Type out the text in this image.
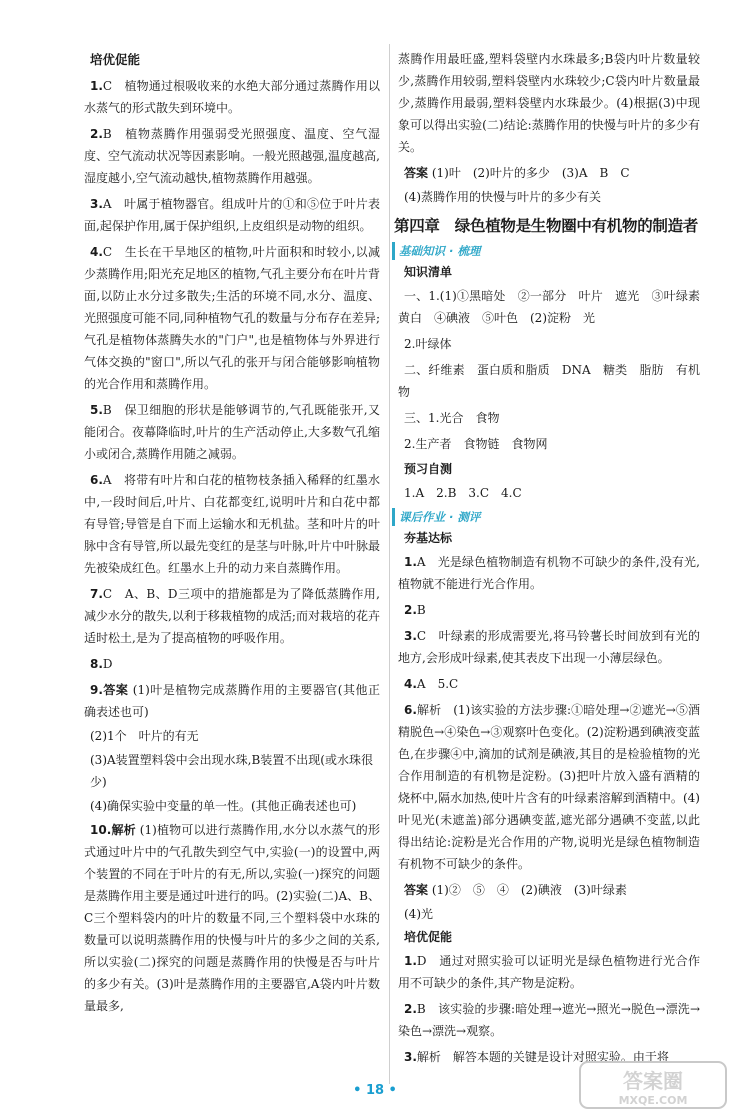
培优促能

1.C　植物通过根吸收来的水绝大部分通过蒸腾作用以水蒸气的形式散失到环境中。

2.B　植物蒸腾作用强弱受光照强度、温度、空气湿度、空气流动状况等因素影响。一般光照越强,温度越高,湿度越小,空气流动越快,植物蒸腾作用越强。

3.A　叶属于植物器官。组成叶片的①和⑤位于叶片表面,起保护作用,属于保护组织,上皮组织是动物的组织。

4.C　生长在干旱地区的植物,叶片面积和时较小,以减少蒸腾作用;阳光充足地区的植物,气孔主要分布在叶片背面,以防止水分过多散失;生活的环境不同,水分、温度、光照强度可能不同,同种植物气孔的数量与分布存在差异;气孔是植物体蒸腾失水的"门户",也是植物体与外界进行气体交换的"窗口",所以气孔的张开与闭合能够影响植物的光合作用和蒸腾作用。

5.B　保卫细胞的形状是能够调节的,气孔既能张开,又能闭合。夜幕降临时,叶片的生产活动停止,大多数气孔缩小或闭合,蒸腾作用随之减弱。

6.A　将带有叶片和白花的植物枝条插入稀释的红墨水中,一段时间后,叶片、白花都变红,说明叶片和白花中都有导管;导管是自下而上运输水和无机盐。茎和叶片的叶脉中含有导管,所以最先变红的是茎与叶脉,叶片中叶脉最先被染成红色。红墨水上升的动力来自蒸腾作用。

7.C　A、B、D三项中的措施都是为了降低蒸腾作用,减少水分的散失,以利于移栽植物的成活;而对栽培的花卉适时松土,是为了提高植物的呼吸作用。

8.D

9.答案 (1)叶是植物完成蒸腾作用的主要器官(其他正确表述也可)

(2)1个　叶片的有无

(3)A装置塑料袋中会出现水珠,B装置不出现(或水珠很少)

(4)确保实验中变量的单一性。(其他正确表述也可)

10.解析 (1)植物可以进行蒸腾作用,水分以水蒸气的形式通过叶片中的气孔散失到空气中,实验(一)的设置中,两个装置的不同在于叶片的有无,所以,实验(一)探究的问题是蒸腾作用主要是通过叶进行的吗。(2)实验(二)A、B、C三个塑料袋内的叶片的数量不同,三个塑料袋中水珠的数量可以说明蒸腾作用的快慢与叶片的多少之间的关系,所以实验(二)探究的问题是蒸腾作用的快慢是否与叶片的多少有关。(3)叶是蒸腾作用的主要器官,A袋内叶片数量最多,

蒸腾作用最旺盛,塑料袋壁内水珠最多;B袋内叶片数量较少,蒸腾作用较弱,塑料袋壁内水珠较少;C袋内叶片数量最少,蒸腾作用最弱,塑料袋壁内水珠最少。(4)根据(3)中现象可以得出实验(二)结论:蒸腾作用的快慢与叶片的多少有关。

答案 (1)叶　(2)叶片的多少　(3)A　B　C

(4)蒸腾作用的快慢与叶片的多少有关

第四章　绿色植物是生物圈中有机物的制造者
基础知识 · 梳理
知识清单

一、1.(1)①黑暗处　②一部分　叶片　遮光　③叶绿素　黄白　④碘液　⑤叶色　(2)淀粉　光

2.叶绿体

二、纤维素　蛋白质和脂质　DNA　糖类　脂肪　有机物

三、1.光合　食物

2.生产者　食物链　食物网

预习自测

1.A　2.B　3.C　4.C

课后作业 · 测评
夯基达标

1.A　光是绿色植物制造有机物不可缺少的条件,没有光,植物就不能进行光合作用。

2.B

3.C　叶绿素的形成需要光,将马铃薯长时间放到有光的地方,会形成叶绿素,使其表皮下出现一小薄层绿色。

4.A　5.C

6.解析　(1)该实验的方法步骤:①暗处理→②遮光→⑤酒精脱色→④染色→③观察叶色变化。(2)淀粉遇到碘液变蓝色,在步骤④中,滴加的试剂是碘液,其目的是检验植物的光合作用制造的有机物是淀粉。(3)把叶片放入盛有酒精的烧杯中,隔水加热,使叶片含有的叶绿素溶解到酒精中。(4)叶见光(未遮盖)部分遇碘变蓝,遮光部分遇碘不变蓝,以此得出结论:淀粉是光合作用的产物,说明光是绿色植物制造有机物不可缺少的条件。

答案 (1)②　⑤　④　(2)碘液　(3)叶绿素

(4)光

培优促能

1.D　通过对照实验可以证明光是绿色植物进行光合作用不可缺少的条件,其产物是淀粉。

2.B　该实验的步骤:暗处理→遮光→照光→脱色→漂洗→染色→漂洗→观察。

3.解析　解答本题的关键是设计对照实验。由于将

• 18 •	答案圈
MXQE.COM
